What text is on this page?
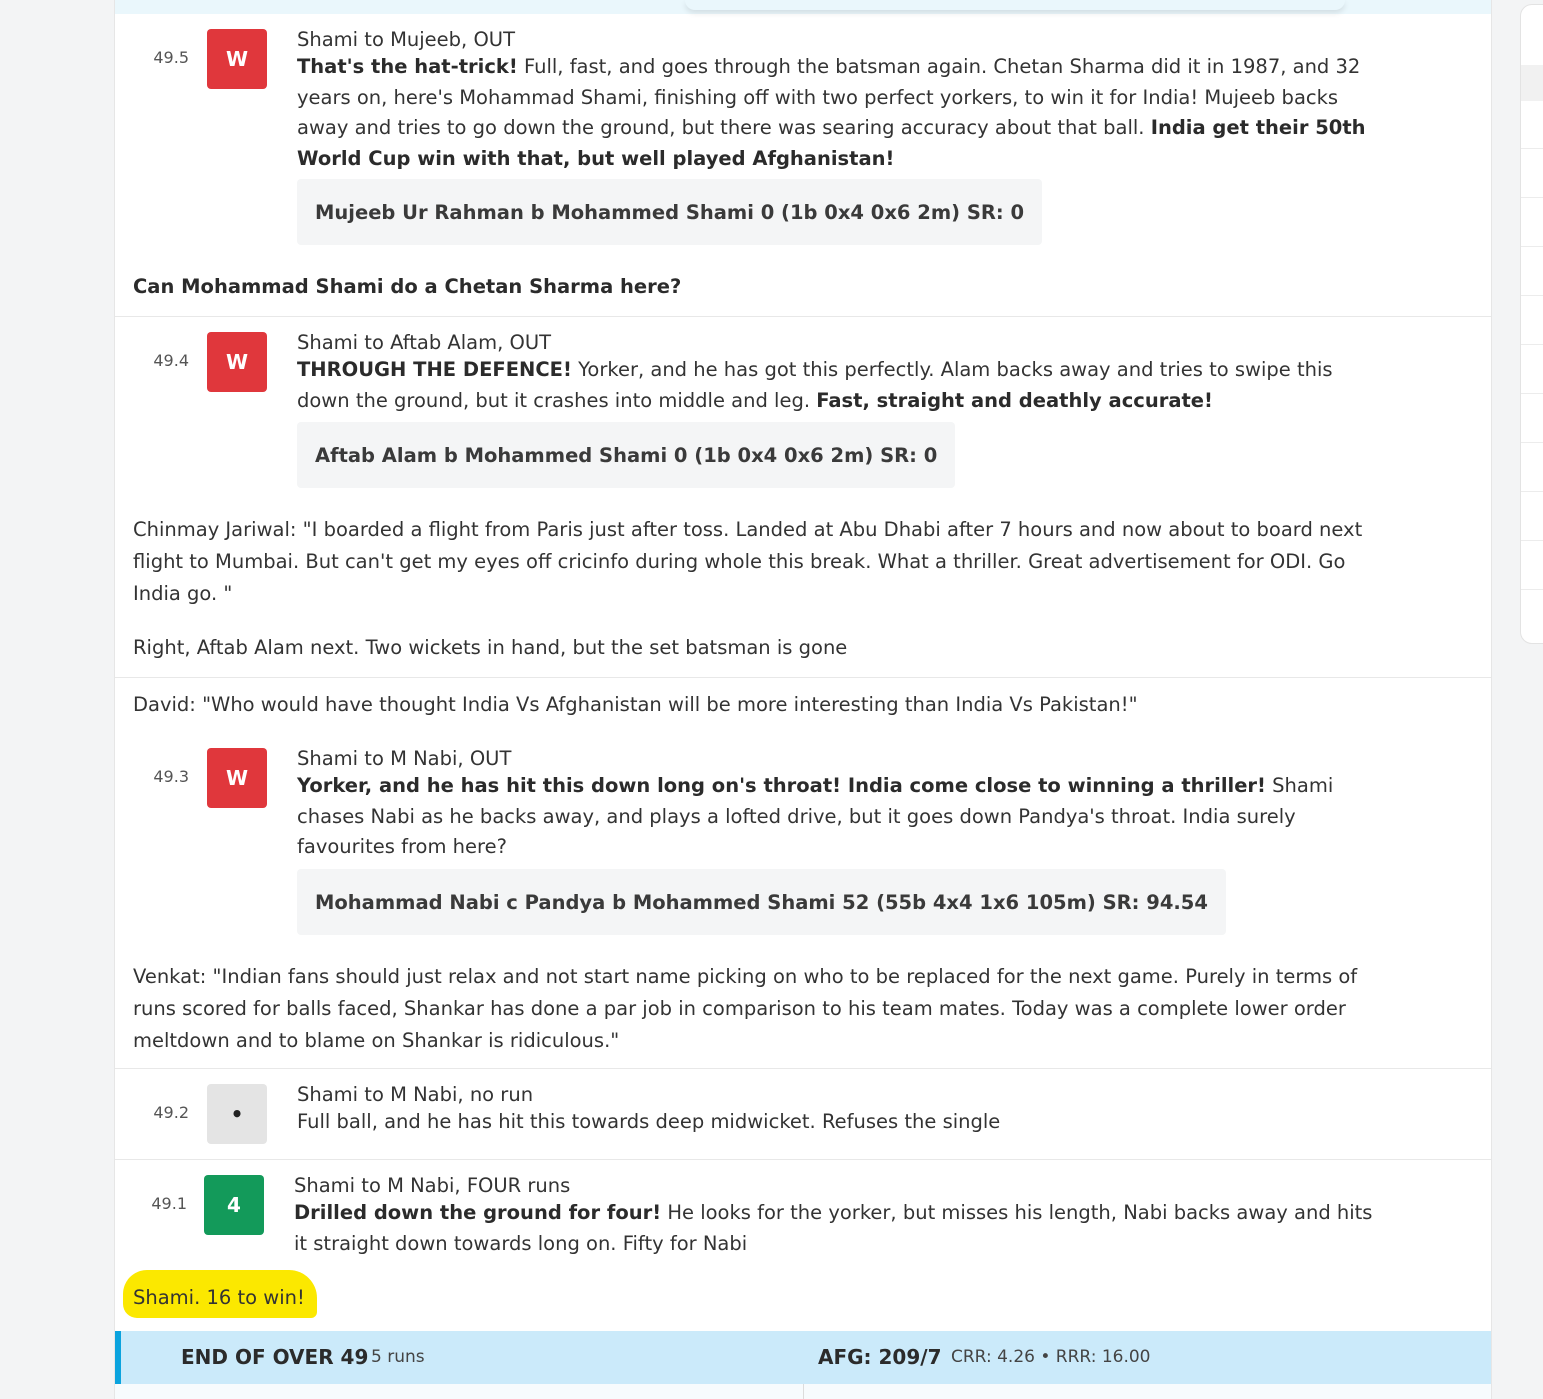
49.5	W
Shami to Mujeeb, OUT
That's the hat-trick! Full, fast, and goes through the batsman again. Chetan Sharma did it in 1987, and 32 years on, here's Mohammad Shami, finishing off with two perfect yorkers, to win it for India! Mujeeb backs away and tries to go down the ground, but there was searing accuracy about that ball. India get their 50th World Cup win with that, but well played Afghanistan!
Mujeeb Ur Rahman b Mohammed Shami 0 (1b 0x4 0x6 2m) SR: 0
Can Mohammad Shami do a Chetan Sharma here?
49.4	W
Shami to Aftab Alam, OUT
THROUGH THE DEFENCE! Yorker, and he has got this perfectly. Alam backs away and tries to swipe this down the ground, but it crashes into middle and leg. Fast, straight and deathly accurate!
Aftab Alam b Mohammed Shami 0 (1b 0x4 0x6 2m) SR: 0
Chinmay Jariwal: "I boarded a flight from Paris just after toss. Landed at Abu Dhabi after 7 hours and now about to board next flight to Mumbai. But can't get my eyes off cricinfo during whole this break. What a thriller. Great advertisement for ODI. Go India go. "
Right, Aftab Alam next. Two wickets in hand, but the set batsman is gone
David: "Who would have thought India Vs Afghanistan will be more interesting than India Vs Pakistan!"
49.3	W
Shami to M Nabi, OUT
Yorker, and he has hit this down long on's throat! India come close to winning a thriller! Shami chases Nabi as he backs away, and plays a lofted drive, but it goes down Pandya's throat. India surely favourites from here?
Mohammad Nabi c Pandya b Mohammed Shami 52 (55b 4x4 1x6 105m) SR: 94.54
Venkat: "Indian fans should just relax and not start name picking on who to be replaced for the next game. Purely in terms of runs scored for balls faced, Shankar has done a par job in comparison to his team mates. Today was a complete lower order meltdown and to blame on Shankar is ridiculous."
49.2	•
Shami to M Nabi, no run
Full ball, and he has hit this towards deep midwicket. Refuses the single
49.1	4
Shami to M Nabi, FOUR runs
Drilled down the ground for four! He looks for the yorker, but misses his length, Nabi backs away and hits it straight down towards long on. Fifty for Nabi
Shami. 16 to win!
END OF OVER 49 5 runs	AFG: 209/7 CRR: 4.26 • RRR: 16.00
